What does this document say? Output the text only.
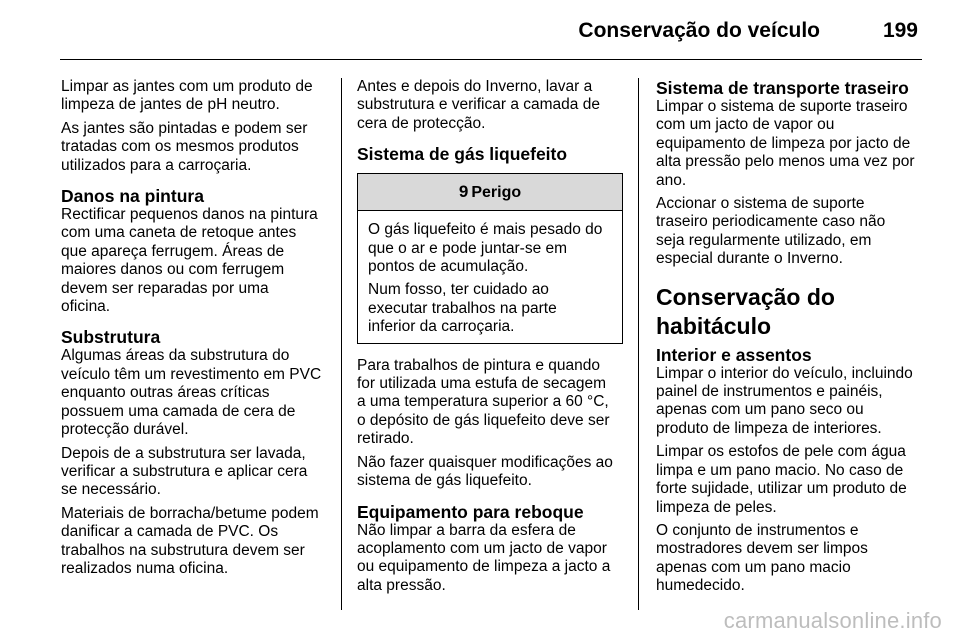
Conservação do veículo	199
Limpar as jantes com um produto de
limpeza de jantes de pH neutro.
As jantes são pintadas e podem ser
tratadas com os mesmos produtos
utilizados para a carroçaria.
Danos na pintura
Rectificar pequenos danos na pintura
com uma caneta de retoque antes
que apareça ferrugem. Áreas de
maiores danos ou com ferrugem
devem ser reparadas por uma
oficina.
Substrutura
Algumas áreas da substrutura do
veículo têm um revestimento em PVC
enquanto outras áreas críticas
possuem uma camada de cera de
protecção durável.
Depois de a substrutura ser lavada,
verificar a substrutura e aplicar cera
se necessário.
Materiais de borracha/betume podem
danificar a camada de PVC. Os
trabalhos na substrutura devem ser
realizados numa oficina.
Antes e depois do Inverno, lavar a
substrutura e verificar a camada de
cera de protecção.
Sistema de gás liquefeito
9 Perigo
O gás liquefeito é mais pesado do
que o ar e pode juntar-se em
pontos de acumulação.
Num fosso, ter cuidado ao
executar trabalhos na parte
inferior da carroçaria.
Para trabalhos de pintura e quando
for utilizada uma estufa de secagem
a uma temperatura superior a 60 °C,
o depósito de gás liquefeito deve ser
retirado.
Não fazer quaisquer modificações ao
sistema de gás liquefeito.
Equipamento para reboque
Não limpar a barra da esfera de
acoplamento com um jacto de vapor
ou equipamento de limpeza a jacto a
alta pressão.
Sistema de transporte traseiro
Limpar o sistema de suporte traseiro
com um jacto de vapor ou
equipamento de limpeza por jacto de
alta pressão pelo menos uma vez por
ano.
Accionar o sistema de suporte
traseiro periodicamente caso não
seja regularmente utilizado, em
especial durante o Inverno.
Conservação do
habitáculo
Interior e assentos
Limpar o interior do veículo, incluindo
painel de instrumentos e painéis,
apenas com um pano seco ou
produto de limpeza de interiores.
Limpar os estofos de pele com água
limpa e um pano macio. No caso de
forte sujidade, utilizar um produto de
limpeza de peles.
O conjunto de instrumentos e
mostradores devem ser limpos
apenas com um pano macio
humedecido.
carmanualsonline.info
